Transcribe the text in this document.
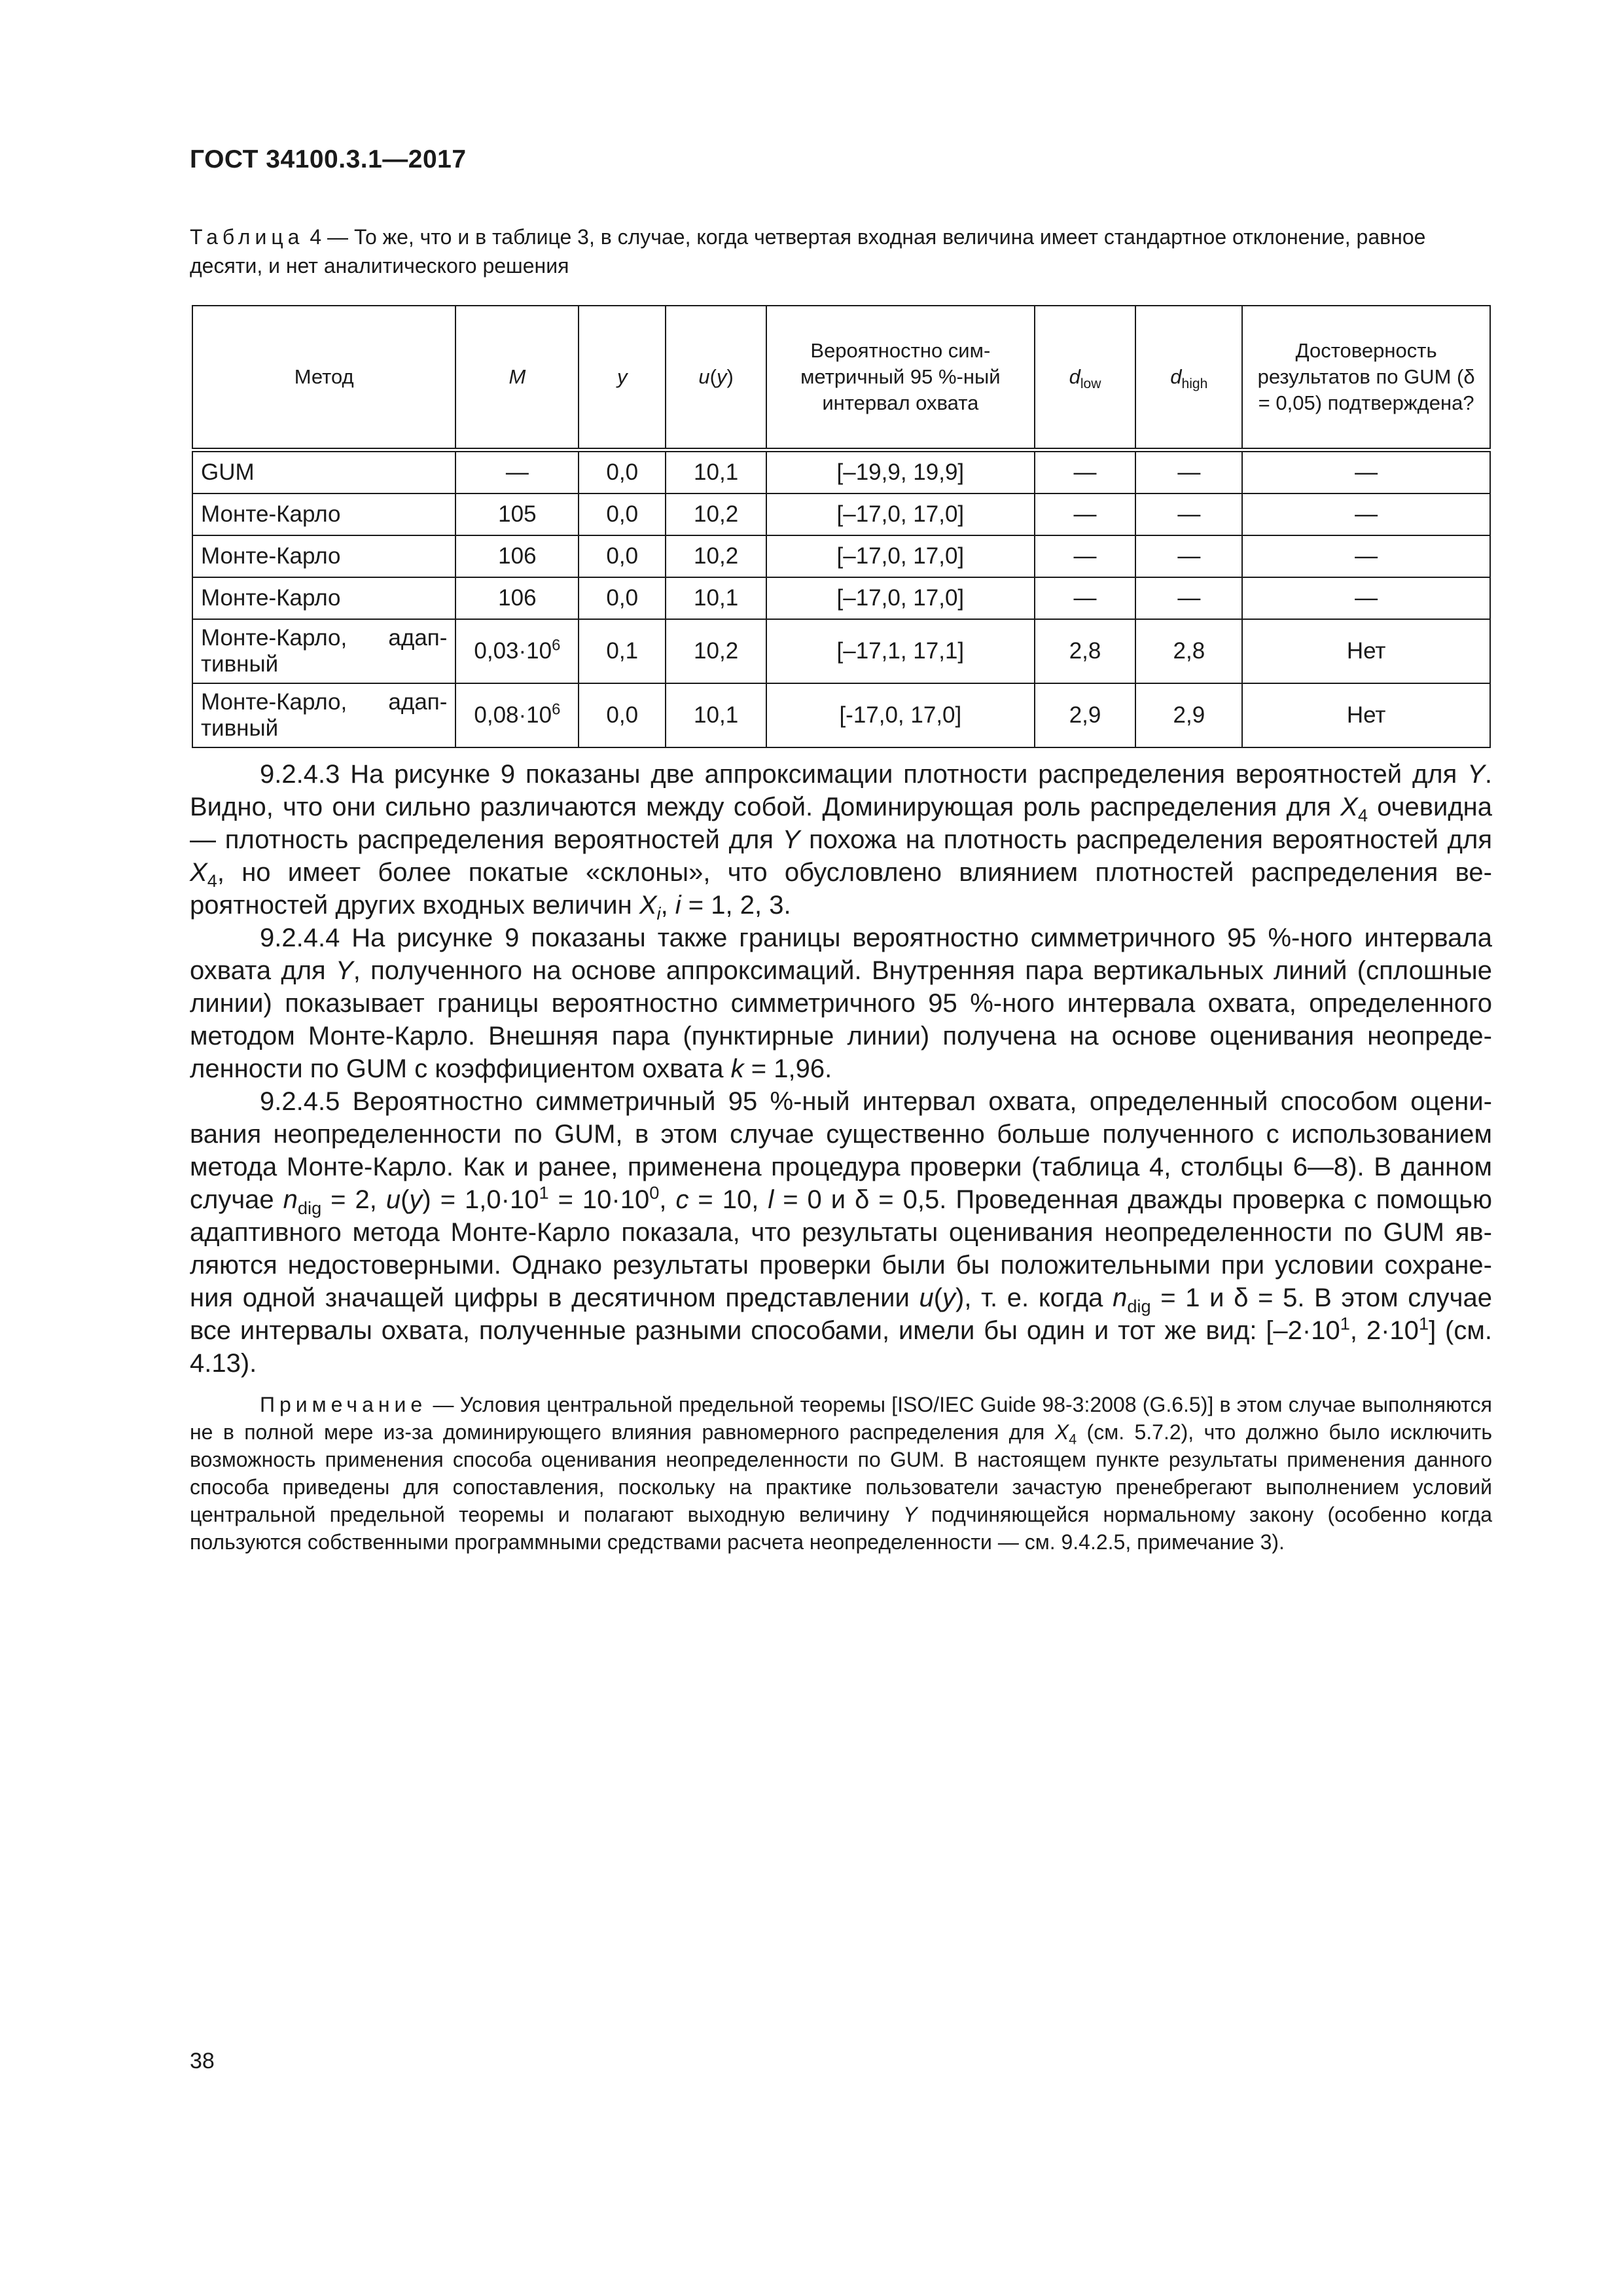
ГОСТ 34100.3.1—2017
Таблица 4 — То же, что и в таблице 3, в случае, когда четвертая входная величина имеет стандартное отклонение, равное десяти, и нет аналитического решения
Метод	M	y	u(y)	Вероятностно симметричный 95 %-ный интервал охвата	$d_{low}$	$d_{high}$	Достоверность результатов по GUM (δ = 0,05) подтверждена?
GUM	—	0,0	10,1	[–19,9, 19,9]	—	—	—
Монте-Карло	105	0,0	10,2	[–17,0, 17,0]	—	—	—
Монте-Карло	106	0,0	10,2	[–17,0, 17,0]	—	—	—
Монте-Карло	106	0,0	10,1	[–17,0, 17,0]	—	—	—
Монте-Карло, адаптивный	$0,03\cdot 10^6$	0,1	10,2	[–17,1, 17,1]	2,8	2,8	Нет
Монте-Карло, адаптивный	$0,08\cdot 10^6$	0,0	10,1	[-17,0, 17,0]	2,9	2,9	Нет

9.2.4.3 На рисунке 9 показаны две аппроксимации плотности распределения вероятностей для Y. Видно, что они сильно различаются между собой. Доминирующая роль распределения для $X_4$ очевидна — плотность распределения вероятностей для Y похожа на плотность распределения вероятностей для $X_4$, но имеет более покатые «склоны», что обусловлено влиянием плотностей распределения вероятностей других входных величин $X_i$, i = 1, 2, 3.

9.2.4.4 На рисунке 9 показаны также границы вероятностно симметричного 95 %-ного интервала охвата для Y, полученного на основе аппроксимаций. Внутренняя пара вертикальных линий (сплошные линии) показывает границы вероятностно симметричного 95 %-ного интервала охвата, определенного методом Монте-Карло. Внешняя пара (пунктирные линии) получена на основе оценивания неопределенности по GUM с коэффициентом охвата k = 1,96.

9.2.4.5 Вероятностно симметричный 95 %-ный интервал охвата, определенный способом оценивания неопределенности по GUM, в этом случае существенно больше полученного с использованием метода Монте-Карло. Как и ранее, применена процедура проверки (таблица 4, столбцы 6—8). В данном случае $n_{dig} = 2$, $u(y) = 1,0\cdot 10^1 = 10\cdot 10^0$, c = 10, l = 0 и δ = 0,5. Проведенная дважды проверка с помощью адаптивного метода Монте-Карло показала, что результаты оценивания неопределенности по GUM являются недостоверными. Однако результаты проверки были бы положительными при условии сохранения одной значащей цифры в десятичном представлении u(y), т. е. когда $n_{dig} = 1$ и δ = 5. В этом случае все интервалы охвата, полученные разными способами, имели бы один и тот же вид: [$-2\cdot 10^1$, $2\cdot 10^1$] (см. 4.13).

Примечание — Условия центральной предельной теоремы [ISO/IEC Guide 98-3:2008 (G.6.5)] в этом случае выполняются не в полной мере из-за доминирующего влияния равномерного распределения для $X_4$ (см. 5.7.2), что должно было исключить возможность применения способа оценивания неопределенности по GUM. В настоящем пункте результаты применения данного способа приведены для сопоставления, поскольку на практике пользователи зачастую пренебрегают выполнением условий центральной предельной теоремы и полагают выходную величину Y подчиняющейся нормальному закону (особенно когда пользуются собственными программными средствами расчета неопределенности — см. 9.4.2.5, примечание 3).

38
